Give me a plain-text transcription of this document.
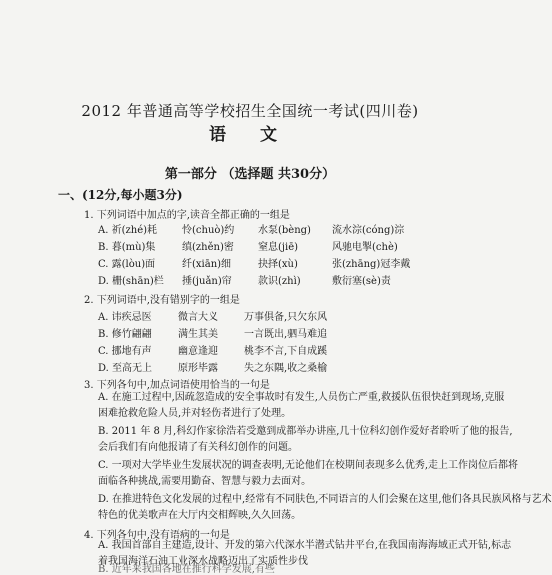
2012 年普通高等学校招生全国统一考试(四川卷)
语 文
第一部分 （选择题 共30分）
一、(12分,每小题3分)
1. 下列词语中加点的字,读音全都正确的一组是
A. 祈(zhé)耗 怜(chuò)约 水泵(bèng) 流水淙(cóng)淙
B. 暮(mù)集	缜(zhěn)密 窒息(jiē)	风驰电掣(chè)
C. 露(lòu)面	纤(xiān)细	抉择(xù)	张(zhāng)冠李戴
D. 栅(shān)栏 捶(juǎn)帘	款识(zhì)	敷衍塞(sè)责
2. 下列词语中,没有错别字的一组是
A. 讳疾忌医	微言大义	万事俱备,只欠东风
B. 修竹翩翩	满生其美	一言既出,驷马难追
C. 挪地有声	幽意逢迎	桃李不言,下自成蹊
D. 至高无上	原形毕露	失之东隅,收之桑榆
3. 下列各句中,加点词语使用恰当的一句是
A. 在施工过程中,因疏忽造成的安全事故时有发生,人员伤亡严重,救援队伍很快赶到现场,克服
困难抢救危险人员,并对轻伤者进行了处理。
B. 2011 年 8 月,科幻作家徐浩若受邀到成都举办讲座,几十位科幻创作爱好者聆听了他的报告,
会后我们有向他报请了有关科幻创作的问题。
C. 一项对大学毕业生发展状况的调查表明,无论他们在校期间表现多么优秀,走上工作岗位后都将
面临各种挑战,需要用勤奋、智慧与毅力去面对。
D. 在推进特色文化发展的过程中,经常有不同肤色,不同语言的人们会聚在这里,他们各具民族风格与艺术
特色的优美歌声在大厅内交相辉映,久久回荡。
4. 下列各句中,没有语病的一句是
A. 我国首部自主建造,设计、开发的第六代深水半潜式钻井平台,在我国南海海域正式开钻,标志
着我国海洋石油工业深水战略迈出了实质性步伐
B. 近年来我国各地在推行科学发展,有些
